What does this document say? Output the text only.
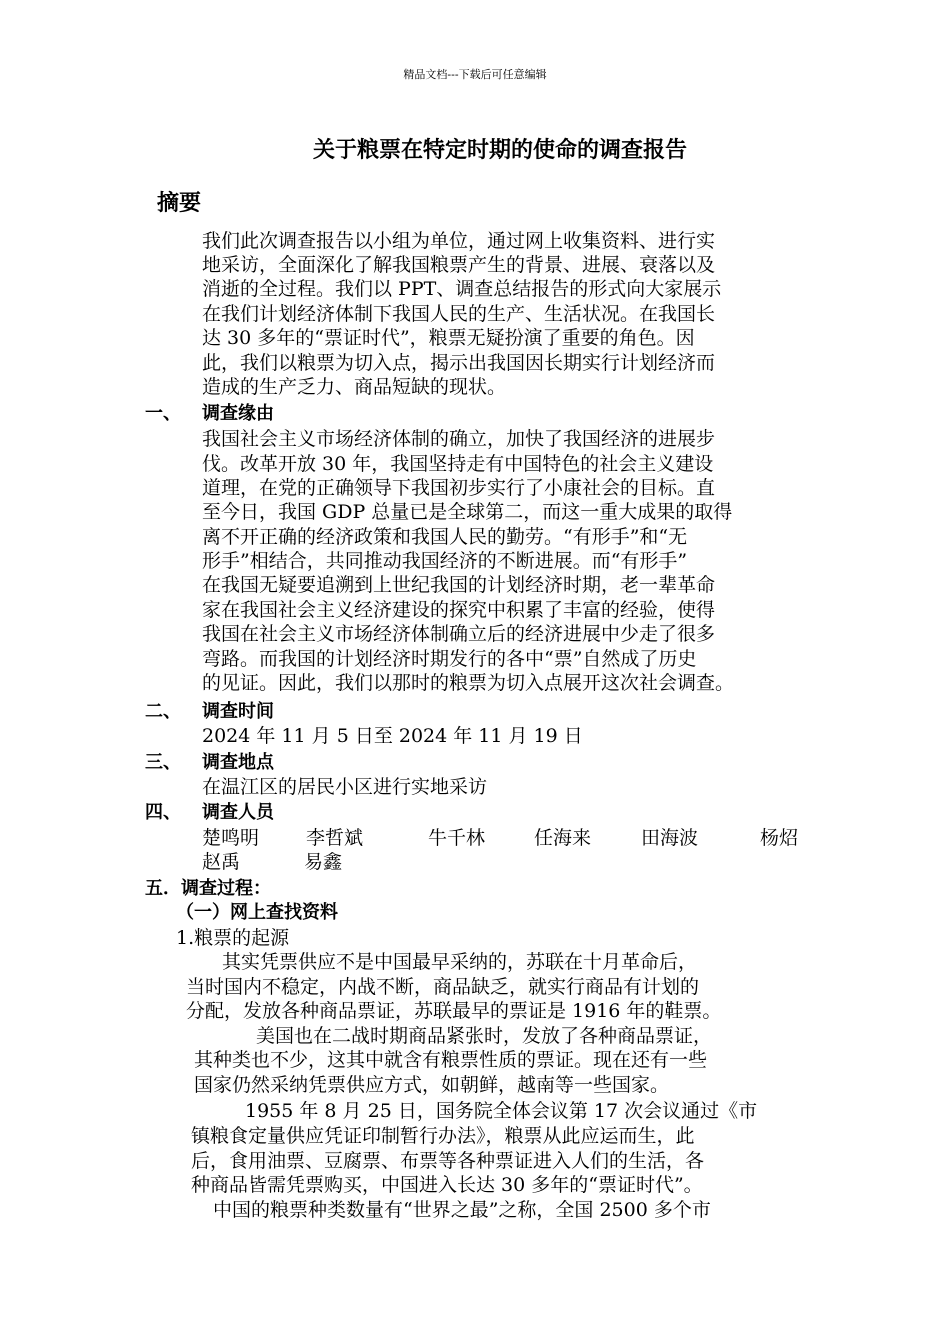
精品文档---下载后可任意编辑
关于粮票在特定时期的使命的调查报告
摘要
我们此次调查报告以小组为单位，通过网上收集资料、进行实
地采访，全面深化了解我国粮票产生的背景、进展、衰落以及
消逝的全过程。我们以 PPT、调查总结报告的形式向大家展示
在我们计划经济体制下我国人民的生产、生活状况。在我国长
达 30 多年的“票证时代”，粮票无疑扮演了重要的角色。因
此，我们以粮票为切入点，揭示出我国因长期实行计划经济而
造成的生产乏力、商品短缺的现状。
一、 调查缘由
我国社会主义市场经济体制的确立，加快了我国经济的进展步
伐。改革开放 30 年，我国坚持走有中国特色的社会主义建设
道理，在党的正确领导下我国初步实行了小康社会的目标。直
至今日，我国 GDP 总量已是全球第二，而这一重大成果的取得
离不开正确的经济政策和我国人民的勤劳。“有形手”和“无
形手”相结合，共同推动我国经济的不断进展。而“有形手”
在我国无疑要追溯到上世纪我国的计划经济时期，老一辈革命
家在我国社会主义经济建设的探究中积累了丰富的经验，使得
我国在社会主义市场经济体制确立后的经济进展中少走了很多
弯路。而我国的计划经济时期发行的各中“票”自然成了历史
的见证。因此，我们以那时的粮票为切入点展开这次社会调查。
二、 调查时间
2024 年 11 月 5 日至 2024 年 11 月 19 日
三、 调查地点
在温江区的居民小区进行实地采访
四、 调查人员
楚鸣明 李哲斌	牛千林	任海来	田海波	杨炤
赵禹	易鑫
五．调查过程：
（一）网上查找资料
1.粮票的起源
其实凭票供应不是中国最早采纳的，苏联在十月革命后，
当时国内不稳定，内战不断，商品缺乏，就实行商品有计划的
分配，发放各种商品票证，苏联最早的票证是 1916 年的鞋票。
美国也在二战时期商品紧张时，发放了各种商品票证，
其种类也不少，这其中就含有粮票性质的票证。现在还有一些
国家仍然采纳凭票供应方式，如朝鲜，越南等一些国家。
1955 年 8 月 25 日，国务院全体会议第 17 次会议通过《市
镇粮食定量供应凭证印制暂行办法》，粮票从此应运而生，此
后，食用油票、豆腐票、布票等各种票证进入人们的生活，各
种商品皆需凭票购买，中国进入长达 30 多年的“票证时代”。
中国的粮票种类数量有“世界之最”之称，全国 2500 多个市
